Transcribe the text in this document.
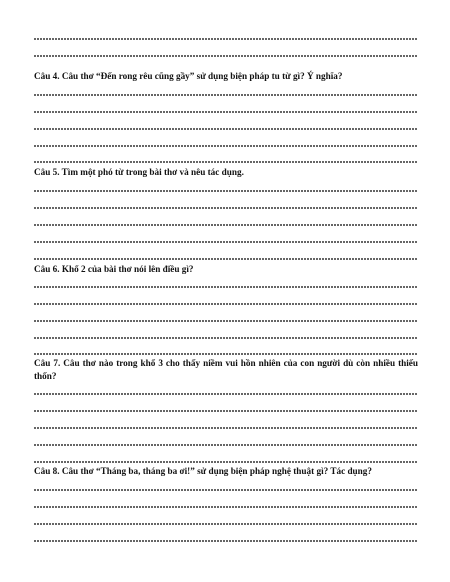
Câu 4. Câu thơ “Đến rong rêu cũng gầy” sử dụng biện pháp tu từ gì? Ý nghĩa?
Câu 5. Tìm một phó từ trong bài thơ và nêu tác dụng.
Câu 6. Khổ 2 của bài thơ nói lên điều gì?
Câu 7. Câu thơ nào trong khổ 3 cho thấy niềm vui hồn nhiên của con người dù còn nhiều thiếu thốn?
Câu 8. Câu thơ “Tháng ba, tháng ba ơi!” sử dụng biện pháp nghệ thuật gì? Tác dụng?
